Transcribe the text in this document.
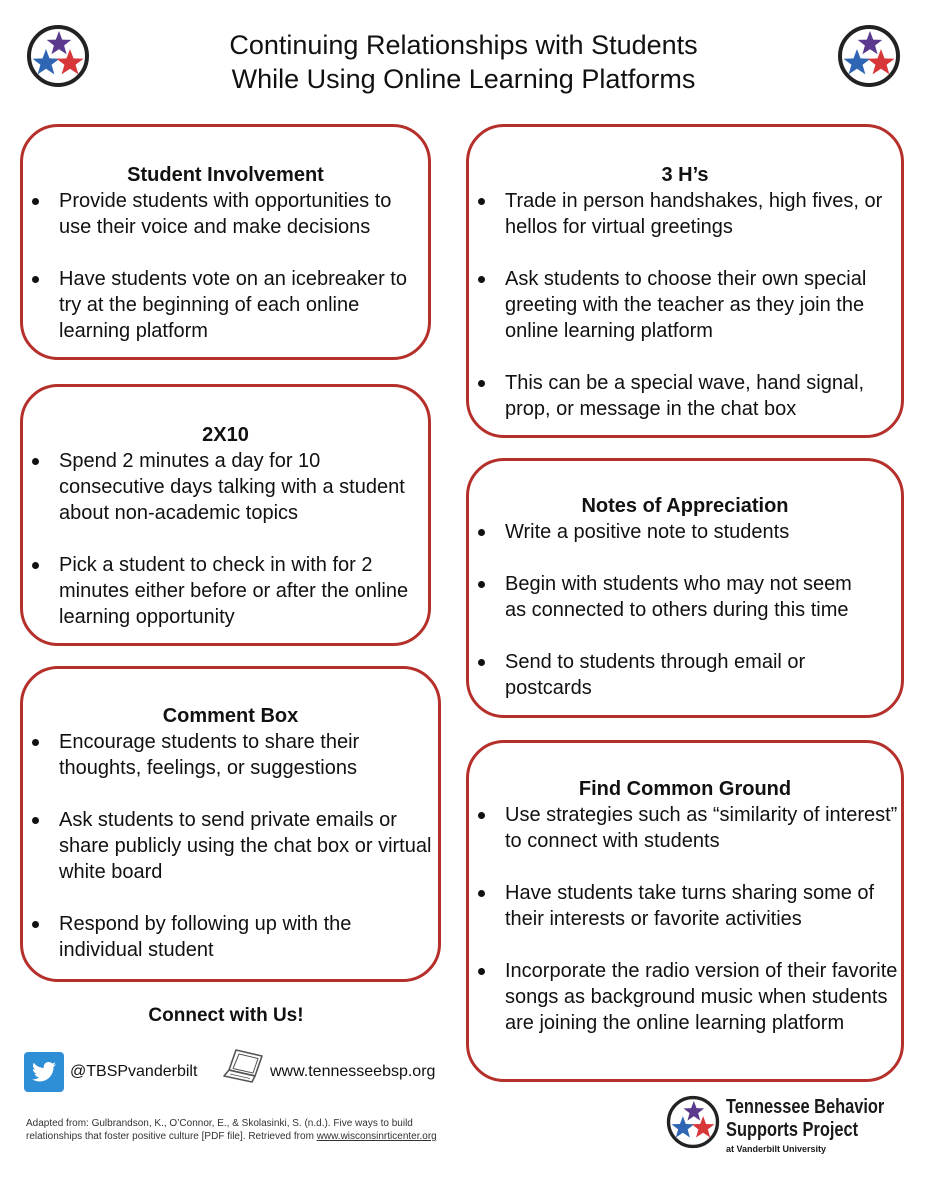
Continuing Relationships with Students
While Using Online Learning Platforms
Student Involvement
Provide students with opportunities to use their voice and make decisions
Have students vote on an icebreaker to try at the beginning of each online learning platform
3 H’s
Trade in person handshakes, high fives, or hellos for virtual greetings
Ask students to choose their own special greeting with the teacher as they join the online learning platform
This can be a special wave, hand signal, prop, or message in the chat box
2X10
Spend 2 minutes a day for 10 consecutive days talking with a student about non-academic topics
Pick a student to check in with for 2 minutes either before or after the online learning opportunity
Notes of Appreciation
Write a positive note to students
Begin with students who may not seem as connected to others during this time
Send to students through email or postcards
Comment Box
Encourage students to share their thoughts, feelings, or suggestions
Ask students to send private emails or share publicly using the chat box or virtual white board
Respond by following up with the individual student
Find Common Ground
Use strategies such as “similarity of interest” to connect with students
Have students take turns sharing some of their interests or favorite activities
Incorporate the radio version of their favorite songs as background music when students are joining the online learning platform
Connect with Us!
@TBSPvanderbilt	www.tennesseebsp.org
Adapted from: Gulbrandson, K., O’Connor, E., & Skolasinki, S. (n.d.). Five ways to build
relationships that foster positive culture [PDF file]. Retrieved from www.wisconsinrticenter.org
Tennessee Behavior
Supports Project
at Vanderbilt University
